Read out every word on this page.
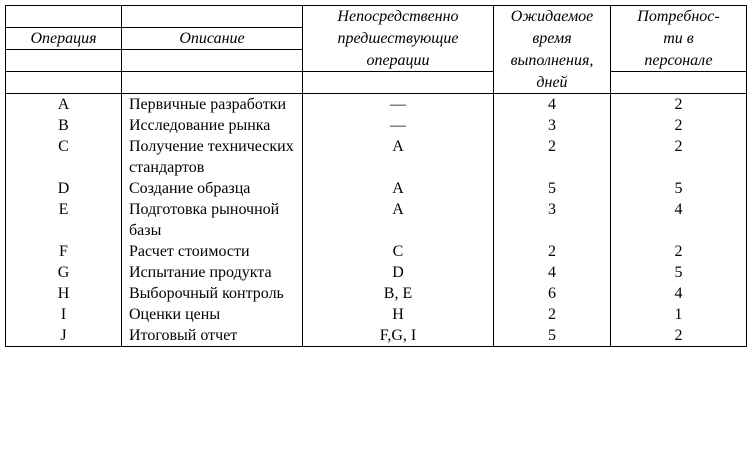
		Непосредственно	Ожидаемое	Потребнос-
Операция	Описание	предшествующие	время	ти в
		операции	выполнения,	персонале
			дней	
A	Первичные разработки	—	4	2
B	Исследование рынка	—	3	2
C	Получение технических стандартов	A	2	2
D	Создание образца	A	5	5
E	Подготовка рыночной базы	A	3	4
F	Расчет стоимости	C	2	2
G	Испытание продукта	D	4	5
H	Выборочный контроль	B, E	6	4
I	Оценки цены	H	2	1
J	Итоговый отчет	F,G, I	5	2
